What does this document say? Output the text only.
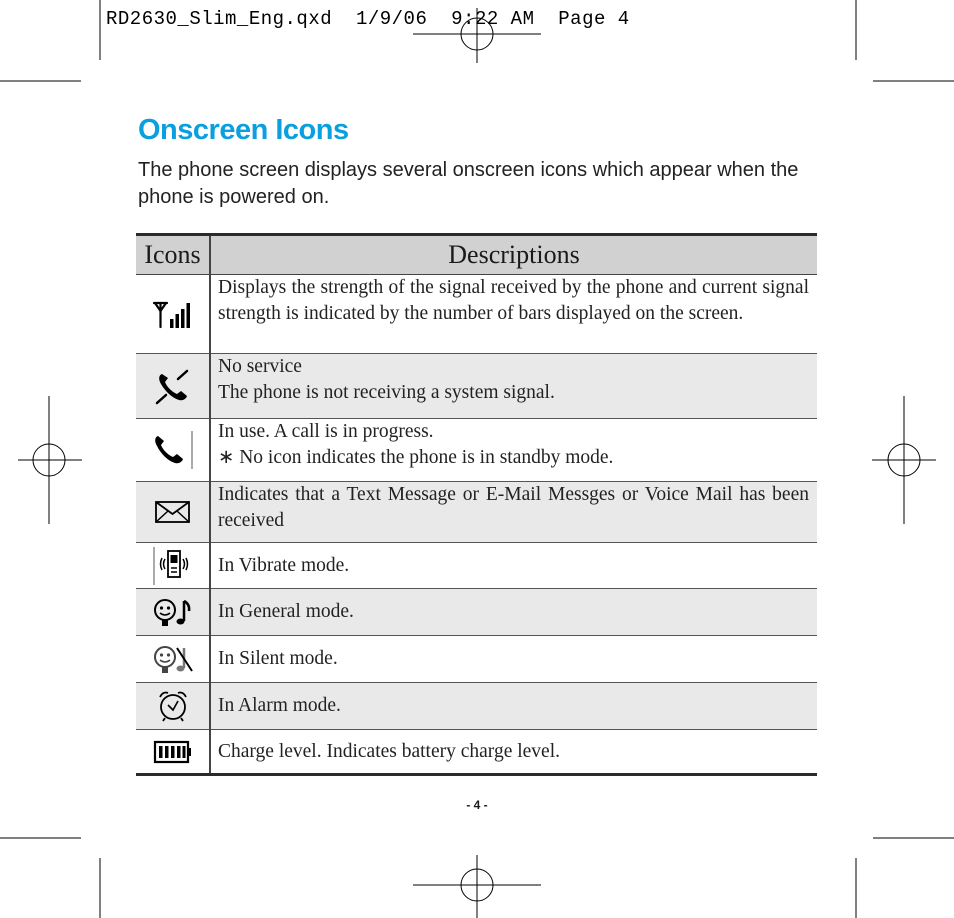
RD2630_Slim_Eng.qxd  1/9/06  9:22 AM  Page 4
Onscreen Icons

The phone screen displays several onscreen icons which appear when the phone is powered on.

Icons	Descriptions

Displays the strength of the signal received by the phone and current signal strength is indicated by the number of bars displayed on the screen.

No service
The phone is not receiving a system signal.

In use. A call is in progress.
∗ No icon indicates the phone is in standby mode.

Indicates that a Text Message or E-Mail Messges or Voice Mail has been received

In Vibrate mode.

In General mode.

In Silent mode.

In Alarm mode.

Charge level. Indicates battery charge level.
- 4 -
